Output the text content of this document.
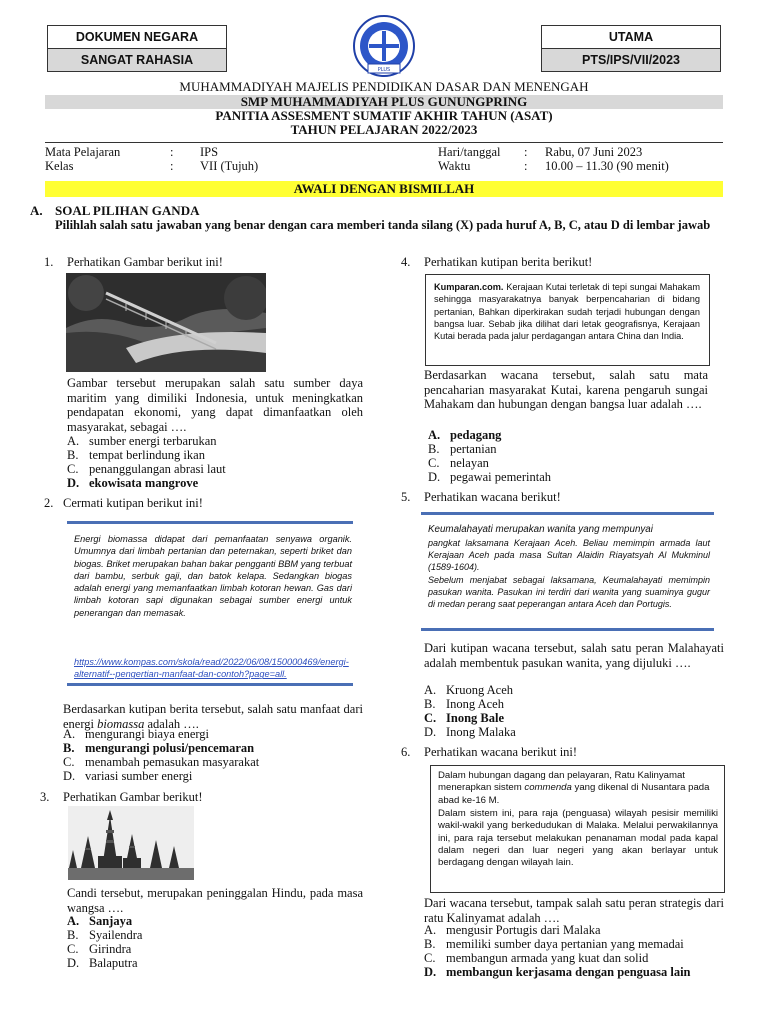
DOKUMEN NEGARA
SANGAT RAHASIA
UTAMA
PTS/IPS/VII/2023
PLUS
MUHAMMADIYAH MAJELIS PENDIDIKAN DASAR DAN MENENGAH
SMP MUHAMMADIYAH PLUS GUNUNGPRING
PANITIA ASSESMENT SUMATIF AKHIR TAHUN (ASAT)
TAHUN PELAJARAN 2022/2023
Mata Pelajaran	: IPS
Kelas	: VII (Tujuh)
Hari/tanggal : Rabu, 07 Juni 2023
Waktu	: 10.00 – 11.30 (90 menit)
AWALI DENGAN BISMILLAH
A. SOAL PILIHAN GANDA
Pilihlah salah satu jawaban yang benar dengan cara memberi tanda silang (X) pada huruf A, B, C, atau D di lembar jawab
1. Perhatikan Gambar berikut ini!
Gambar tersebut merupakan salah satu sumber daya maritim yang dimiliki Indonesia, untuk meningkatkan pendapatan ekonomi, yang dapat dimanfaatkan oleh masyarakat, sebagai ….
A. sumber energi terbarukan
B. tempat berlindung ikan
C. penanggulangan abrasi laut
D. ekowisata mangrove
2. Cermati kutipan berikut ini!
Energi biomassa didapat dari pemanfaatan senyawa organik. Umumnya dari limbah pertanian dan peternakan, seperti briket dan biogas. Briket merupakan bahan bakar pengganti BBM yang terbuat dari bambu, serbuk gaji, dan batok kelapa. Sedangkan biogas adalah energi yang memanfaatkan limbah kotoran hewan. Gas dari limbah kotoran sapi digunakan sebagai sumber energi untuk penerangan dan memasak.
https://www.kompas.com/skola/read/2022/06/08/150000469/energi-alternatif--pengertian-manfaat-dan-contoh?page=all.
Berdasarkan kutipan berita tersebut, salah satu manfaat dari energi biomassa adalah ….
A. mengurangi biaya energi
B. mengurangi polusi/pencemaran
C. menambah pemasukan masyarakat
D. variasi sumber energi
3. Perhatikan Gambar berikut!
Candi tersebut, merupakan peninggalan Hindu, pada masa wangsa ….
A. Sanjaya
B. Syailendra
C. Girindra
D. Balaputra
4. Perhatikan kutipan berita berikut!
Kumparan.com. Kerajaan Kutai terletak di tepi sungai Mahakam sehingga masyarakatnya banyak berpencaharian di bidang pertanian, Bahkan diperkirakan sudah terjadi hubungan dengan bangsa luar. Sebab jika dilihat dari letak geografisnya, Kerajaan Kutai berada pada jalur perdagangan antara China dan India.
Berdasarkan wacana tersebut, salah satu mata pencaharian masyarakat Kutai, karena pengaruh sungai Mahakam dan hubungan dengan bangsa luar adalah ….
A. pedagang
B. pertanian
C. nelayan
D. pegawai pemerintah
5. Perhatikan wacana berikut!
Keumalahayati merupakan wanita yang mempunyai
pangkat laksamana Kerajaan Aceh. Beliau memimpin armada laut Kerajaan Aceh pada masa Sultan Alaidin Riayatsyah Al Mukminul (1589-1604).
Sebelum menjabat sebagai laksamana, Keumalahayati memimpin pasukan wanita. Pasukan ini terdiri dari wanita yang suaminya gugur di medan perang saat peperangan antara Aceh dan Portugis.
Dari kutipan wacana tersebut, salah satu peran Malahayati adalah membentuk pasukan wanita, yang dijuluki ….
A. Kruong Aceh
B. Inong Aceh
C. Inong Bale
D. Inong Malaka
6. Perhatikan wacana berikut ini!
Dalam hubungan dagang dan pelayaran, Ratu Kalinyamat menerapkan sistem commenda yang dikenal di Nusantara pada abad ke-16 M.
Dalam sistem ini, para raja (penguasa) wilayah pesisir memiliki wakil-wakil yang berkedudukan di Malaka. Melalui perwakilannya ini, para raja tersebut melakukan penanaman modal pada kapal dalam negeri dan luar negeri yang akan berlayar untuk berdagang dengan wilayah lain.
Dari wacana tersebut, tampak salah satu peran strategis dari ratu Kalinyamat adalah ….
A. mengusir Portugis dari Malaka
B. memiliki sumber daya pertanian yang memadai
C. membangun armada yang kuat dan solid
D. membangun kerjasama dengan penguasa lain
